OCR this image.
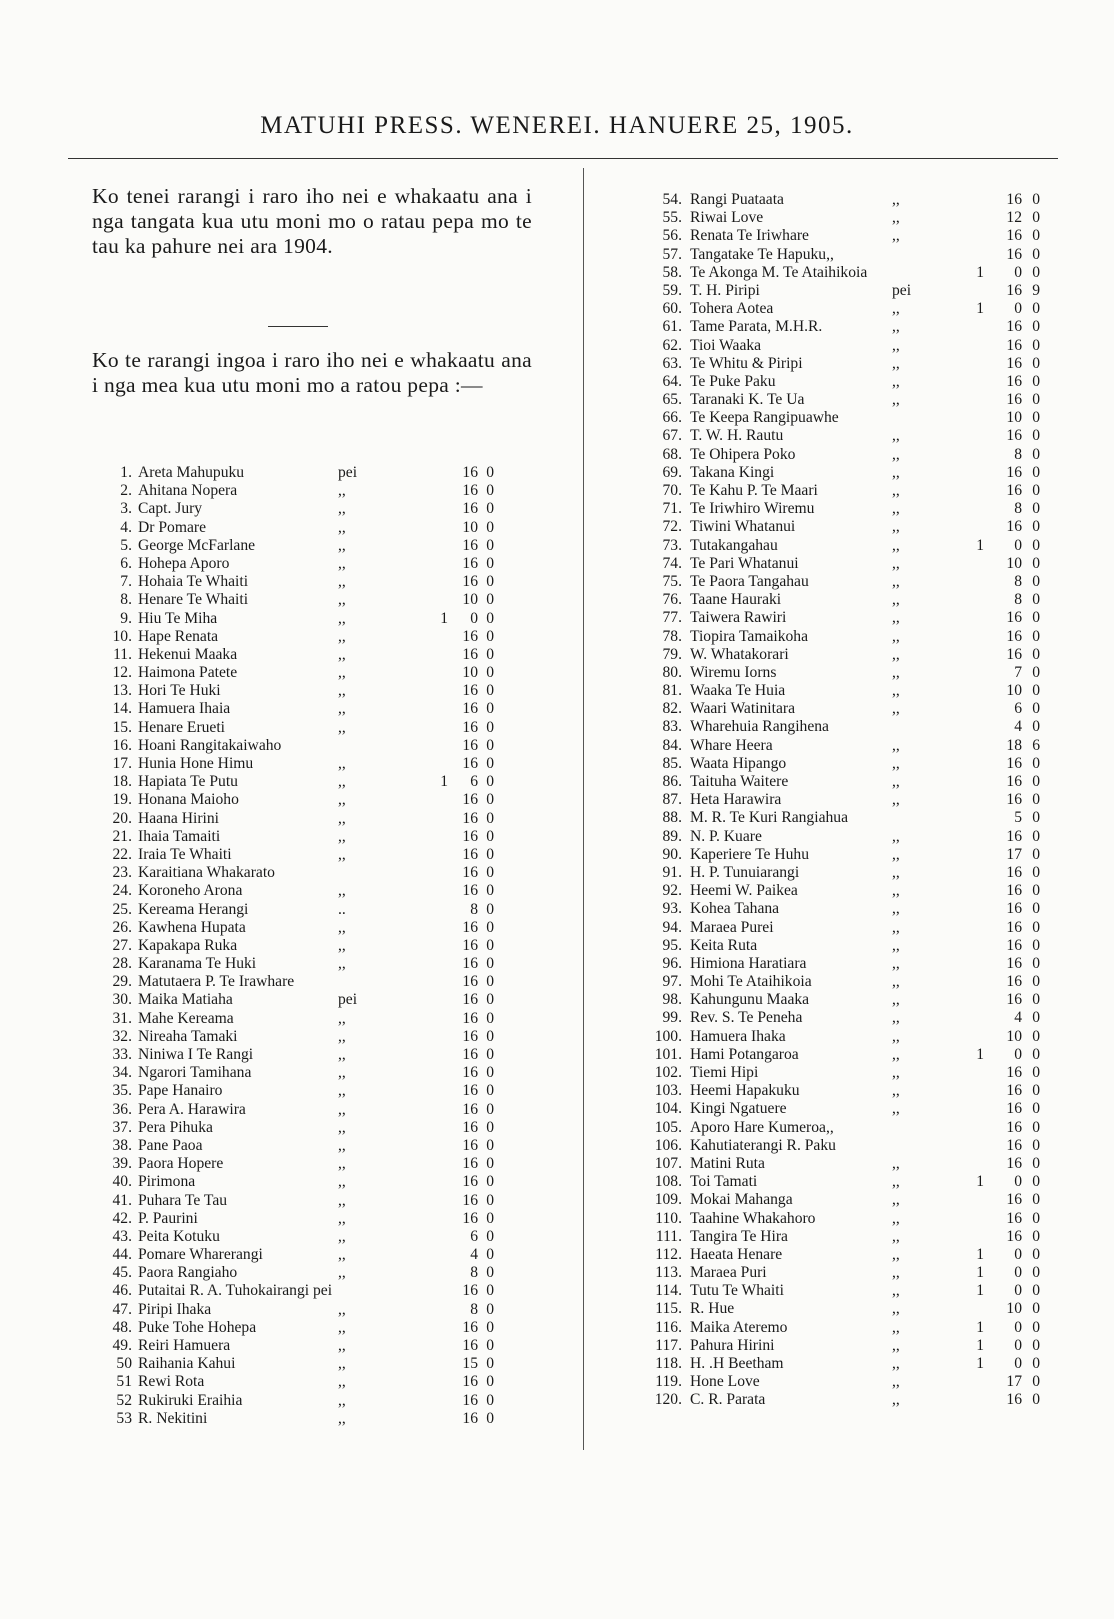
MATUHI PRESS. WENEREI. HANUERE 25, 1905.

Ko tenei rarangi i raro iho nei e whakaatu ana i nga tangata kua utu moni mo o ratau pepa mo te tau ka pahure nei ara 1904.

Ko te rarangi ingoa i raro iho nei e whakaatu ana i nga mea kua utu moni mo a ratou pepa :—

1. Areta Mahupuku	pei	16 0
2. Ahitana Nopera	,,	16 0
3. Capt. Jury	,,	16 0
4. Dr Pomare	,,	10 0
5. George McFarlane	,,	16 0
6. Hohepa Aporo	,,	16 0
7. Hohaia Te Whaiti	,,	16 0
8. Henare Te Whaiti	,,	10 0
9. Hiu Te Miha	,,	1	0 0
10. Hape Renata	,,	16 0
11. Hekenui Maaka	,,	16 0
12. Haimona Patete	,,	10 0
13. Hori Te Huki	,,	16 0
14. Hamuera Ihaia	,,	16 0
15. Henare Erueti	,,	16 0
16. Hoani Rangitakaiwaho	16 0
17. Hunia Hone Himu	,,	16 0
18. Hapiata Te Putu	,,	1	6 0
19. Honana Maioho	,,	16 0
20. Haana Hirini	,,	16 0
21. Ihaia Tamaiti	,,	16 0
22. Iraia Te Whaiti	,,	16 0
23. Karaitiana Whakarato	16 0
24. Koroneho Arona	,,	16 0
25. Kereama Herangi	..	8 0
26. Kawhena Hupata	,,	16 0
27. Kapakapa Ruka	,,	16 0
28. Karanama Te Huki	,,	16 0
29. Matutaera P. Te Irawhare	16 0
30. Maika Matiaha	pei	16 0
31. Mahe Kereama	,,	16 0
32. Nireaha Tamaki	,,	16 0
33. Niniwa I Te Rangi	,,	16 0
34. Ngarori Tamihana	,,	16 0
35. Pape Hanairo	,,	16 0
36. Pera A. Harawira	,,	16 0
37. Pera Pihuka	,,	16 0
38. Pane Paoa	,,	16 0
39. Paora Hopere	,,	16 0
40. Pirimona	,,	16 0
41. Puhara Te Tau	,,	16 0
42. P. Paurini	,,	16 0
43. Peita Kotuku	,,	6 0
44. Pomare Wharerangi	,,	4 0
45. Paora Rangiaho	,,	8 0
46. Putaitai R. A. Tuhokairangi pei	16 0
47. Piripi Ihaka	,,	8 0
48. Puke Tohe Hohepa	,,	16 0
49. Reiri Hamuera	,,	16 0
50 Raihania Kahui	,,	15 0
51 Rewi Rota	,,	16 0
52 Rukiruki Eraihia	,,	16 0
53 R. Nekitini	,,	16 0
54. Rangi Puataata	,,	16 0
55. Riwai Love	,,	12 0
56. Renata Te Iriwhare	,,	16 0
57. Tangatake Te Hapuku,,	16 0
58. Te Akonga M. Te Ataihikoia	1	0 0
59. T. H. Piripi	pei	16 9
60. Tohera Aotea	,,	1	0 0
61. Tame Parata, M.H.R.	,,	16 0
62. Tioi Waaka	,,	16 0
63. Te Whitu & Piripi	,,	16 0
64. Te Puke Paku	,,	16 0
65. Taranaki K. Te Ua	,,	16 0
66. Te Keepa Rangipuawhe	10 0
67. T. W. H. Rautu	,,	16 0
68. Te Ohipera Poko	,,	8 0
69. Takana Kingi	,,	16 0
70. Te Kahu P. Te Maari	,,	16 0
71. Te Iriwhiro Wiremu	,,	8 0
72. Tiwini Whatanui	,,	16 0
73. Tutakangahau	,,	1	0 0
74. Te Pari Whatanui	,,	10 0
75. Te Paora Tangahau	,,	8 0
76. Taane Hauraki	,,	8 0
77. Taiwera Rawiri	,,	16 0
78. Tiopira Tamaikoha	,,	16 0
79. W. Whatakorari	,,	16 0
80. Wiremu Iorns	,,	7 0
81. Waaka Te Huia	,,	10 0
82. Waari Watinitara	,,	6 0
83. Wharehuia Rangihena	4 0
84. Whare Heera	,,	18 6
85. Waata Hipango	,,	16 0
86. Taituha Waitere	,,	16 0
87. Heta Harawira	,,	16 0
88. M. R. Te Kuri Rangiahua	5 0
89. N. P. Kuare	,,	16 0
90. Kaperiere Te Huhu	,,	17 0
91. H. P. Tunuiarangi	,,	16 0
92. Heemi W. Paikea	,,	16 0
93. Kohea Tahana	,,	16 0
94. Maraea Purei	,,	16 0
95. Keita Ruta	,,	16 0
96. Himiona Haratiara	,,	16 0
97. Mohi Te Ataihikoia	,,	16 0
98. Kahungunu Maaka	,,	16 0
99. Rev. S. Te Peneha	,,	4 0
100. Hamuera Ihaka	,,	10 0
101. Hami Potangaroa	,,	1	0 0
102. Tiemi Hipi	,,	16 0
103. Heemi Hapakuku	,,	16 0
104. Kingi Ngatuere	,,	16 0
105. Aporo Hare Kumeroa,,	16 0
106. Kahutiaterangi R. Paku	16 0
107. Matini Ruta	,,	16 0
108. Toi Tamati	,,	1	0 0
109. Mokai Mahanga	,,	16 0
110. Taahine Whakahoro	,,	16 0
111. Tangira Te Hira	,,	16 0
112. Haeata Henare	,,	1	0 0
113. Maraea Puri	,,	1	0 0
114. Tutu Te Whaiti	,,	1	0 0
115. R. Hue	,,	10 0
116. Maika Ateremo	,,	1	0 0
117. Pahura Hirini	,,	1	0 0
118. H. .H Beetham	,,	1	0 0
119. Hone Love	,,	17 0
120. C. R. Parata	,,	16 0
